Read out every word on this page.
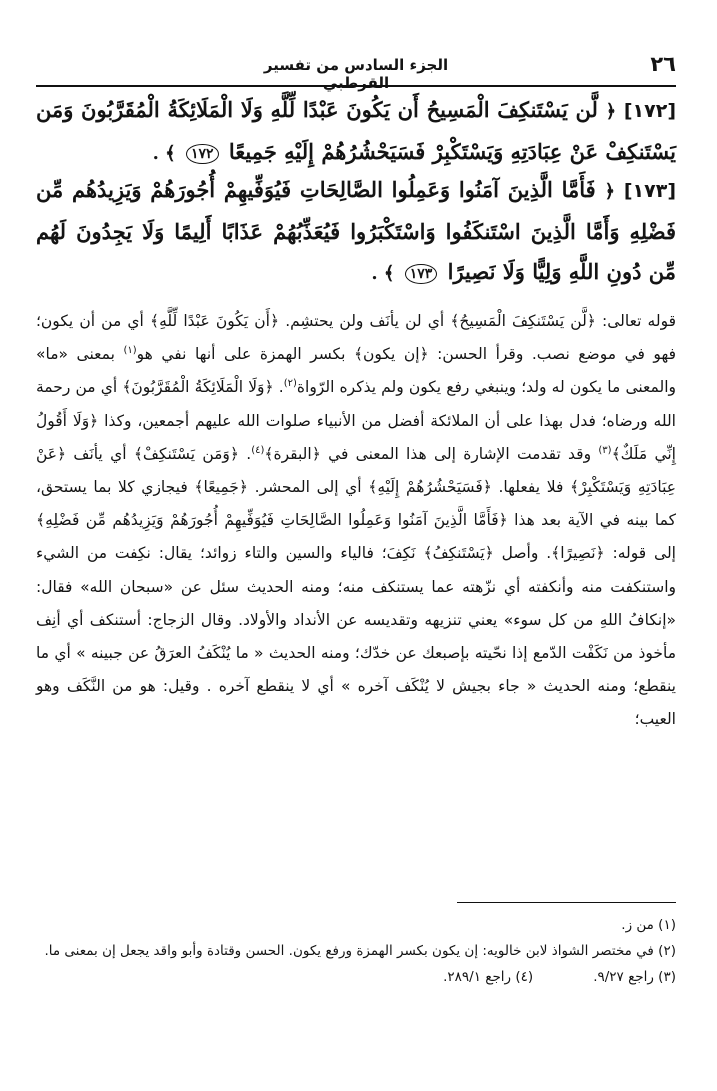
٢٦
الجزء السادس من تفسير القرطبي
[١٧٢] ﴿ لَّن يَسْتَنكِفَ الْمَسِيحُ أَن يَكُونَ عَبْدًا لِّلَّهِ وَلَا الْمَلَائِكَةُ الْمُقَرَّبُونَ وَمَن يَسْتَنكِفْ عَنْ عِبَادَتِهِ وَيَسْتَكْبِرْ فَسَيَحْشُرُهُمْ إِلَيْهِ جَمِيعًا ١٧٢ ﴾ .
[١٧٣] ﴿ فَأَمَّا الَّذِينَ آمَنُوا وَعَمِلُوا الصَّالِحَاتِ فَيُوَفِّيهِمْ أُجُورَهُمْ وَيَزِيدُهُم مِّن فَضْلِهِ وَأَمَّا الَّذِينَ اسْتَنكَفُوا وَاسْتَكْبَرُوا فَيُعَذِّبُهُمْ عَذَابًا أَلِيمًا وَلَا يَجِدُونَ لَهُم مِّن دُونِ اللَّهِ وَلِيًّا وَلَا نَصِيرًا ١٧٣ ﴾ .

قوله تعالى: ﴿لَّن يَسْتَنكِفَ الْمَسِيحُ﴾ أي لن يأنَف ولن يحتشِم. ﴿أَن يَكُونَ عَبْدًا لِّلَّهِ﴾ أي من أن يكون؛ فهو في موضع نصب. وقرأ الحسن: ﴿إن يكون﴾ بكسر الهمزة على أنها نفي هو$^{(١)}$ بمعنى «ما» والمعنى ما يكون له ولد؛ وينبغي رفع يكون ولم يذكره الرّواة$^{(٢)}$. ﴿وَلَا الْمَلَائِكَةُ الْمُقَرَّبُونَ﴾ أي من رحمة الله ورضاه؛ فدل بهذا على أن الملائكة أفضل من الأنبياء صلوات الله عليهم أجمعين، وكذا ﴿وَلَا أَقُولُ إِنِّي مَلَكٌ﴾$^{(٣)}$ وقد تقدمت الإشارة إلى هذا المعنى في ﴿البقرة﴾$^{(٤)}$. ﴿وَمَن يَسْتَنكِفْ﴾ أي يأنَف ﴿عَنْ عِبَادَتِهِ وَيَسْتَكْبِرْ﴾ فلا يفعلها. ﴿فَسَيَحْشُرُهُمْ إِلَيْهِ﴾ أي إلى المحشر. ﴿جَمِيعًا﴾ فيجازي كلا بما يستحق، كما بينه في الآية بعد هذا ﴿فَأَمَّا الَّذِينَ آمَنُوا وَعَمِلُوا الصَّالِحَاتِ فَيُوَفِّيهِمْ أُجُورَهُمْ وَيَزِيدُهُم مِّن فَضْلِهِ﴾ إلى قوله: ﴿نَصِيرًا﴾. وأصل ﴿يَسْتَنكِفُ﴾ نَكِفَ؛ فالياء والسين والتاء زوائد؛ يقال: نكِفت من الشيء واستنكفت منه وأنكفته أي نزّهته عما يستنكف منه؛ ومنه الحديث سئل عن «سبحان الله» فقال: «إنكافُ اللهِ من كل سوء» يعني تنزيهه وتقديسه عن الأنداد والأولاد. وقال الزجاج: أستنكف أي أنِف مأخوذ من نَكَفْت الدّمع إذا نحّيته بإصبعك عن خدّك؛ ومنه الحديث « ما يُنْكَفُ العرَقُ عن جبينه » أي ما ينقطع؛ ومنه الحديث « جاء بجيش لا يُنْكَف آخره » أي لا ينقطع آخره . وقيل: هو من النَّكَف وهو العيب؛

(١) من ز.
(٢) في مختصر الشواذ لابن خالويه: إن يكون بكسر الهمزة ورفع يكون. الحسن وقتادة وأبو واقد يجعل إن بمعنى ما.
(٣) راجع ٩/٢٧.
(٤) راجع ٢٨٩/١.
